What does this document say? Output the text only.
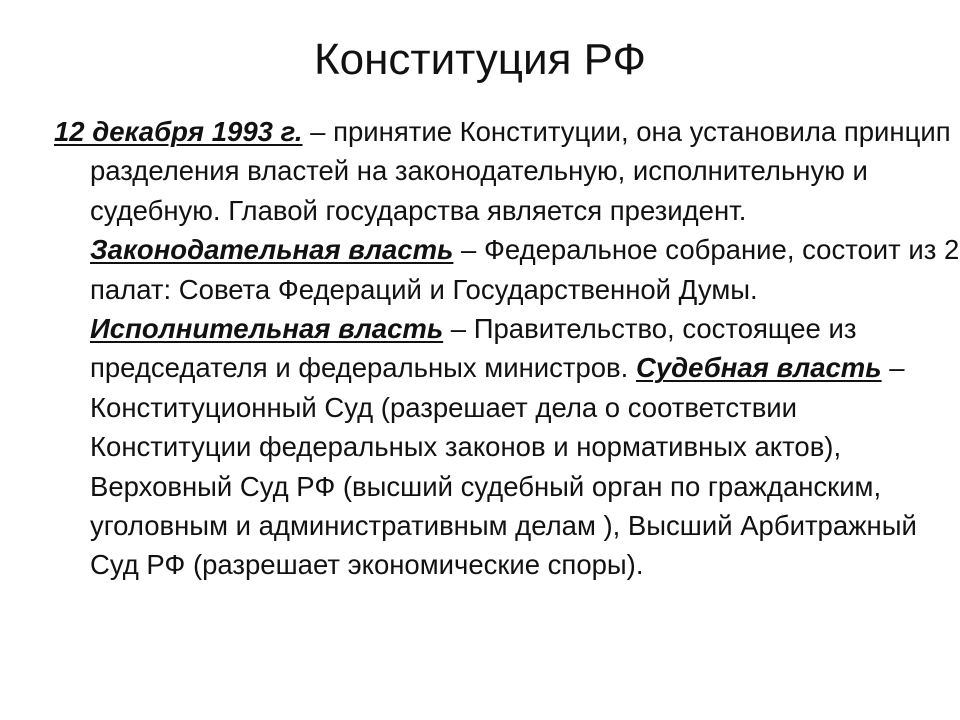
Конституция РФ

12 декабря 1993 г. – принятие Конституции, она установила принцип разделения властей на законодательную, исполнительную и судебную. Главой государства является президент. Законодательная власть – Федеральное собрание, состоит из 2 палат: Совета Федераций и Государственной Думы. Исполнительная власть – Правительство, состоящее из председателя и федеральных министров. Судебная власть – Конституционный Суд (разрешает дела о соответствии Конституции федеральных законов и нормативных актов), Верховный Суд РФ (высший судебный орган по гражданским, уголовным и административным делам ), Высший Арбитражный Суд РФ (разрешает экономические споры).
